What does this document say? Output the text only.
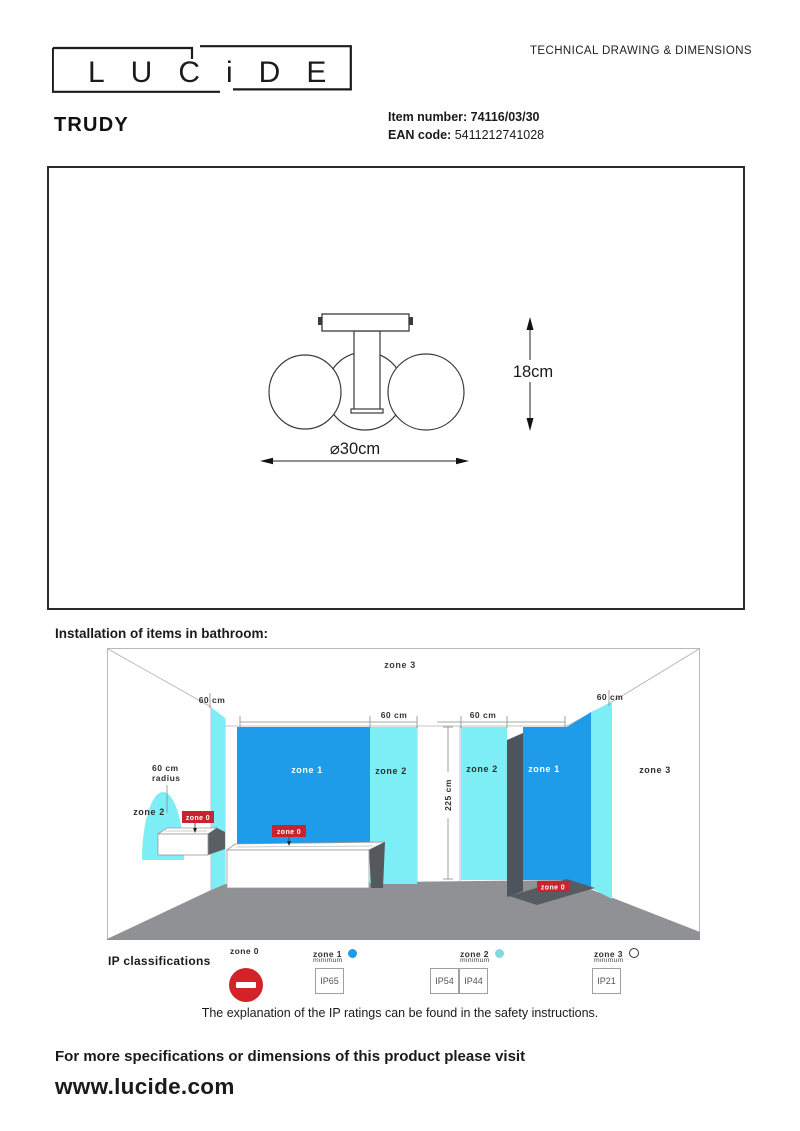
LUCiDE
TECHNICAL DRAWING & DIMENSIONS
TRUDY	Item number: 74116/03/30
EAN code: 5411212741028
18cm
⌀30cm
Installation of items in bathroom:
60 cm
60 cm	60 cm
60 cm
225 cm
60 cm
radius
zone 3
zone 2
zone 1	zone 2	zone 2	zone 1	zone 3
zone 0
zone 0
zone 0
IP classifications
zone 0	zone 1
minimum
IP65
zone 2
minimum
IP54	IP44
zone 3
minimum
IP21
The explanation of the IP ratings can be found in the safety instructions.
For more specifications or dimensions of this product please visit
www.lucide.com
